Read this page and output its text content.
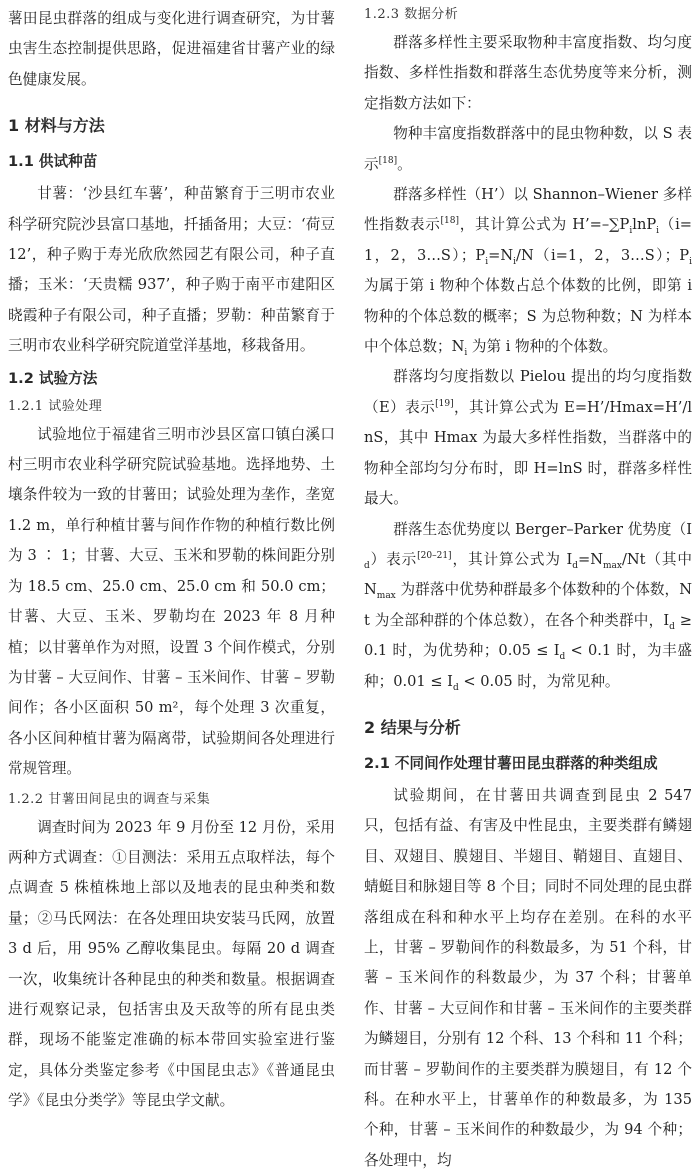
薯田昆虫群落的组成与变化进行调查研究，为甘薯虫害生态控制提供思路，促进福建省甘薯产业的绿色健康发展。

1 材料与方法
1.1 供试种苗

甘薯：‘沙县红车薯’，种苗繁育于三明市农业科学研究院沙县富口基地，扦插备用；大豆：‘荷豆 12’，种子购于寿光欣欣然园艺有限公司，种子直播；玉米：‘天贵糯 937’，种子购于南平市建阳区晓霞种子有限公司，种子直播；罗勒：种苗繁育于三明市农业科学研究院道堂洋基地，移栽备用。

1.2 试验方法
1.2.1 试验处理

试验地位于福建省三明市沙县区富口镇白溪口村三明市农业科学研究院试验基地。选择地势、土壤条件较为一致的甘薯田；试验处理为垄作，垄宽 1.2 m，单行种植甘薯与间作作物的种植行数比例为 3 ∶ 1；甘薯、大豆、玉米和罗勒的株间距分别为 18.5 cm、25.0 cm、25.0 cm 和 50.0 cm；甘薯、大豆、玉米、罗勒均在 2023 年 8 月种植；以甘薯单作为对照，设置 3 个间作模式，分别为甘薯 – 大豆间作、甘薯 – 玉米间作、甘薯 – 罗勒间作；各小区面积 50 m²，每个处理 3 次重复，各小区间种植甘薯为隔离带，试验期间各处理进行常规管理。

1.2.2 甘薯田间昆虫的调查与采集

调查时间为 2023 年 9 月份至 12 月份，采用两种方式调查：①目测法：采用五点取样法，每个点调查 5 株植株地上部以及地表的昆虫种类和数量；②马氏网法：在各处理田块安装马氏网，放置 3 d 后，用 95% 乙醇收集昆虫。每隔 20 d 调查一次，收集统计各种昆虫的种类和数量。根据调查进行观察记录，包括害虫及天敌等的所有昆虫类群，现场不能鉴定准确的标本带回实验室进行鉴定，具体分类鉴定参考《中国昆虫志》《普通昆虫学》《昆虫分类学》等昆虫学文献。

1.2.3 数据分析

群落多样性主要采取物种丰富度指数、均匀度指数、多样性指数和群落生态优势度等来分析，测定指数方法如下：

物种丰富度指数群落中的昆虫物种数，以 S 表示[18]。

群落多样性（H’）以 Shannon–Wiener 多样性指数表示[18]，其计算公式为 $H’=-\sum P_i\ln P_i(i=1$，2，3…S）；$P_i=N_i/N(i=1$，2，3…S）；$P_i$ 为属于第 i 物种个体数占总个体数的比例，即第 i 物种的个体总数的概率；S 为总物种数；N 为样本中个体总数；$N_i$ 为第 i 物种的个体数。

群落均匀度指数以 Pielou 提出的均匀度指数（E）表示[19]，其计算公式为 E=H’/Hmax=H’/lnS，其中 Hmax 为最大多样性指数，当群落中的物种全部均匀分布时，即 H=lnS 时，群落多样性最大。

群落生态优势度以 Berger–Parker 优势度$(I_d)$表示[20–21]，其计算公式为 $I_d=N_{max}/Nt$（其中 $N_{max}$ 为群落中优势种群最多个体数种的个体数，Nt 为全部种群的个体总数），在各个种类群中，$I_d \ge 0.1$ 时，为优势种；$0.05 \le I_d < 0.1$ 时，为丰盛种；$0.01 \le I_d < 0.05$ 时，为常见种。

2 结果与分析
2.1 不同间作处理甘薯田昆虫群落的种类组成

试验期间，在甘薯田共调查到昆虫 2 547 只，包括有益、有害及中性昆虫，主要类群有鳞翅目、双翅目、膜翅目、半翅目、鞘翅目、直翅目、蜻蜓目和脉翅目等 8 个目；同时不同处理的昆虫群落组成在科和种水平上均存在差别。在科的水平上，甘薯 – 罗勒间作的科数最多，为 51 个科，甘薯 – 玉米间作的科数最少，为 37 个科；甘薯单作、甘薯 – 大豆间作和甘薯 – 玉米间作的主要类群为鳞翅目，分别有 12 个科、13 个科和 11 个科；而甘薯 – 罗勒间作的主要类群为膜翅目，有 12 个科。在种水平上，甘薯单作的种数最多，为 135 个种，甘薯 – 玉米间作的种数最少，为 94 个种；各处理中，均
